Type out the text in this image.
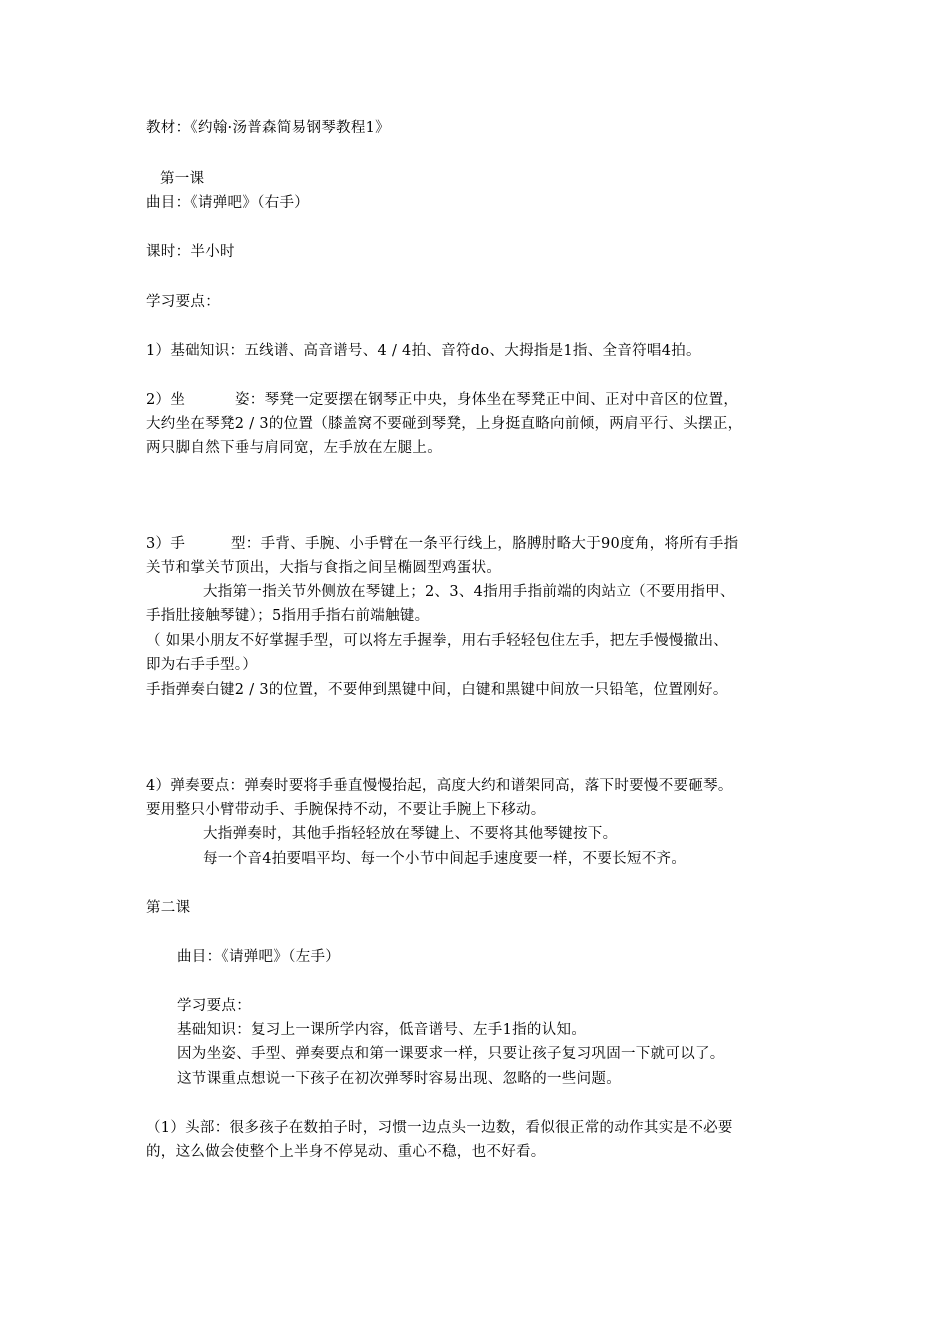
教材：《约翰·汤普森简易钢琴教程1》
第一课
曲目：《请弹吧》（右手）
课时：半小时
学习要点：
1）基础知识：五线谱、高音谱号、4 / 4拍、音符do、大拇指是1指、全音符唱4拍。
2）坐	姿：琴凳一定要摆在钢琴正中央，身体坐在琴凳正中间、正对中音区的位置，
大约坐在琴凳2 / 3的位置（膝盖窝不要碰到琴凳，上身挺直略向前倾，两肩平行、头摆正，
两只脚自然下垂与肩同宽，左手放在左腿上。
3）手	型：手背、手腕、小手臂在一条平行线上，胳膊肘略大于90度角，将所有手指
关节和掌关节顶出，大指与食指之间呈椭圆型鸡蛋状。
大指第一指关节外侧放在琴键上；2、3、4指用手指前端的肉站立（不要用指甲、
手指肚接触琴键）；5指用手指右前端触键。
（ 如果小朋友不好掌握手型，可以将左手握拳，用右手轻轻包住左手，把左手慢慢撤出、
即为右手手型。）
手指弹奏白键2 / 3的位置，不要伸到黑键中间，白键和黑键中间放一只铅笔，位置刚好。
4）弹奏要点：弹奏时要将手垂直慢慢抬起，高度大约和谱架同高，落下时要慢不要砸琴。
要用整只小臂带动手、手腕保持不动，不要让手腕上下移动。
大指弹奏时，其他手指轻轻放在琴键上、不要将其他琴键按下。
每一个音4拍要唱平均、每一个小节中间起手速度要一样，不要长短不齐。
第二课
曲目：《请弹吧》（左手）
学习要点：
基础知识：复习上一课所学内容，低音谱号、左手1指的认知。
因为坐姿、手型、弹奏要点和第一课要求一样，只要让孩子复习巩固一下就可以了。
这节课重点想说一下孩子在初次弹琴时容易出现、忽略的一些问题。
（1）头部：很多孩子在数拍子时，习惯一边点头一边数，看似很正常的动作其实是不必要
的，这么做会使整个上半身不停晃动、重心不稳，也不好看。
